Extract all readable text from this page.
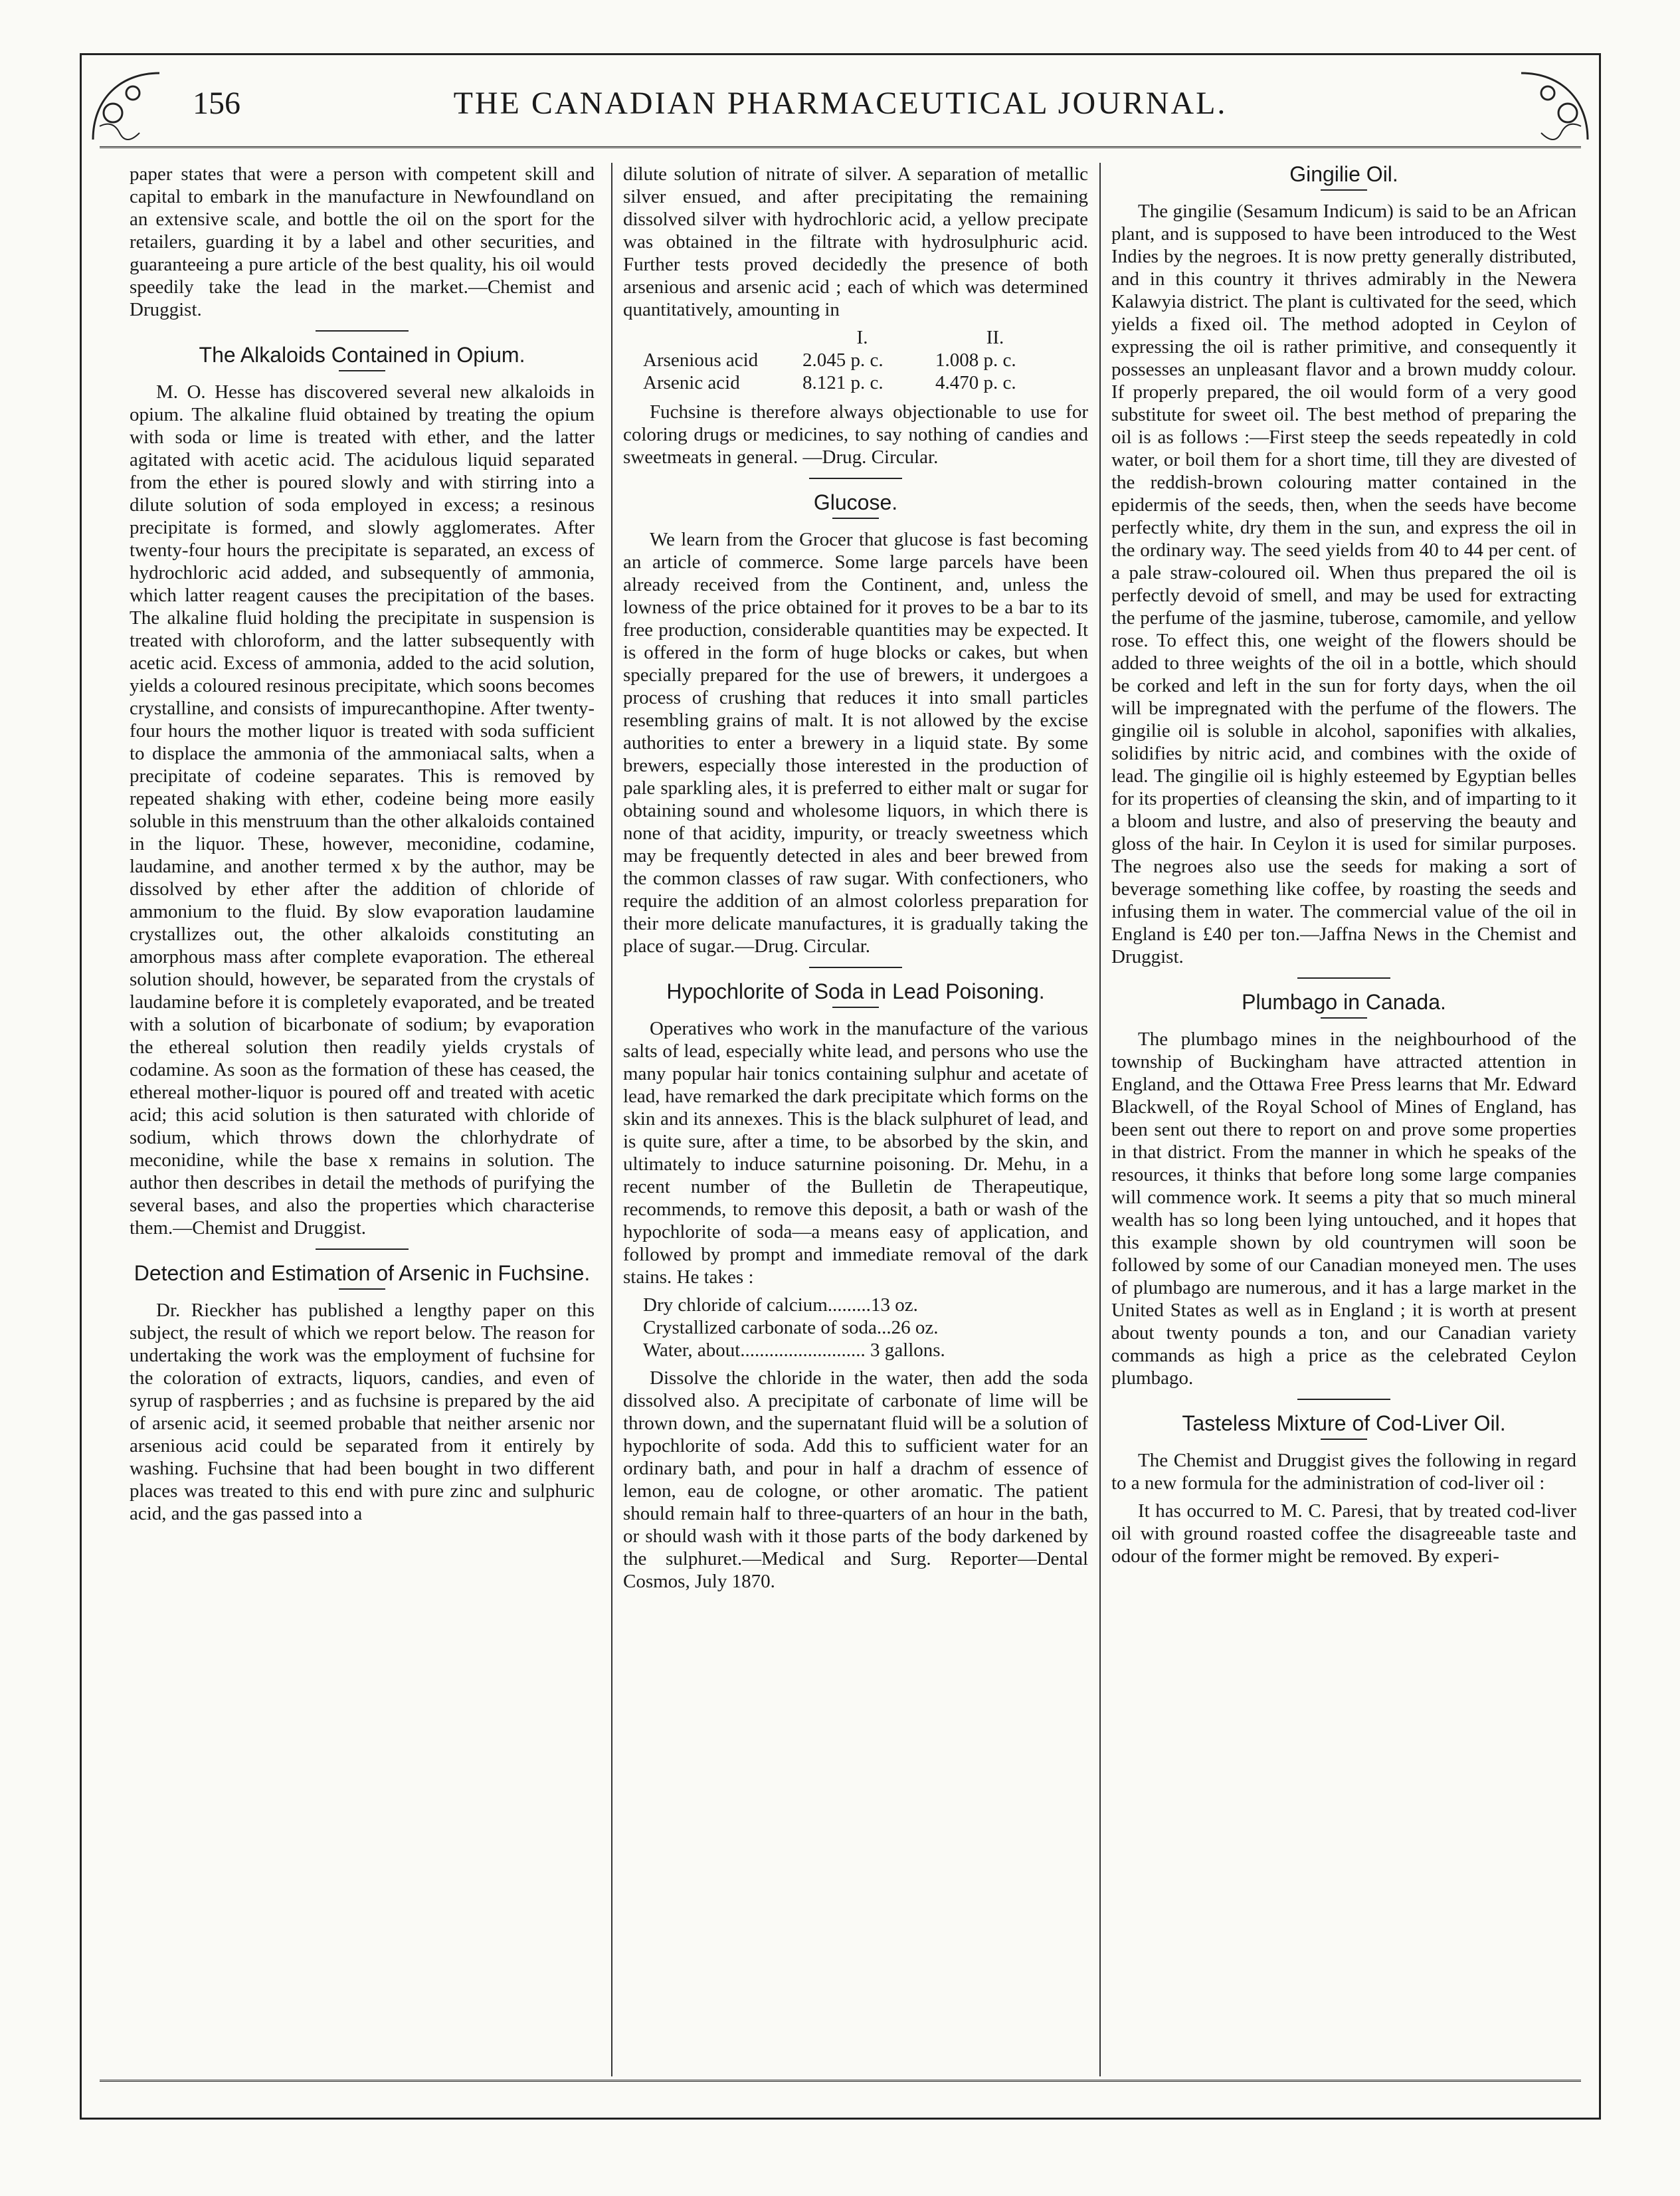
156	THE CANADIAN PHARMACEUTICAL JOURNAL.

paper states that were a person with competent skill and capital to embark in the manufacture in Newfoundland on an extensive scale, and bottle the oil on the sport for the retailers, guarding it by a label and other securities, and guaranteeing a pure article of the best quality, his oil would speedily take the lead in the market.—Chemist and Druggist.

The Alkaloids Contained in Opium.

M. O. Hesse has discovered several new alkaloids in opium. The alkaline fluid obtained by treating the opium with soda or lime is treated with ether, and the latter agitated with acetic acid. The acidulous liquid separated from the ether is poured slowly and with stirring into a dilute solution of soda employed in excess; a resinous precipitate is formed, and slowly agglomerates. After twenty-four hours the precipitate is separated, an excess of hydrochloric acid added, and subsequently of ammonia, which latter reagent causes the precipitation of the bases. The alkaline fluid holding the precipitate in suspension is treated with chloroform, and the latter subsequently with acetic acid. Excess of ammonia, added to the acid solution, yields a coloured resinous precipitate, which soons becomes crystalline, and consists of impurecanthopine. After twenty-four hours the mother liquor is treated with soda sufficient to displace the ammonia of the ammoniacal salts, when a precipitate of codeine separates. This is removed by repeated shaking with ether, codeine being more easily soluble in this menstruum than the other alkaloids contained in the liquor. These, however, meconidine, codamine, laudamine, and another termed x by the author, may be dissolved by ether after the addition of chloride of ammonium to the fluid. By slow evaporation laudamine crystallizes out, the other alkaloids constituting an amorphous mass after complete evaporation. The ethereal solution should, however, be separated from the crystals of laudamine before it is completely evaporated, and be treated with a solution of bicarbonate of sodium; by evaporation the ethereal solution then readily yields crystals of codamine. As soon as the formation of these has ceased, the ethereal mother-liquor is poured off and treated with acetic acid; this acid solution is then saturated with chloride of sodium, which throws down the chlorhydrate of meconidine, while the base x remains in solution. The author then describes in detail the methods of purifying the several bases, and also the properties which characterise them.—Chemist and Druggist.

Detection and Estimation of Arsenic in Fuchsine.

Dr. Rieckher has published a lengthy paper on this subject, the result of which we report below. The reason for undertaking the work was the employment of fuchsine for the coloration of extracts, liquors, candies, and even of syrup of raspberries ; and as fuchsine is prepared by the aid of arsenic acid, it seemed probable that neither arsenic nor arsenious acid could be separated from it entirely by washing. Fuchsine that had been bought in two different places was treated to this end with pure zinc and sulphuric acid, and the gas passed into a

dilute solution of nitrate of silver. A separation of metallic silver ensued, and after precipitating the remaining dissolved silver with hydrochloric acid, a yellow precipate was obtained in the filtrate with hydrosulphuric acid. Further tests proved decidedly the presence of both arsenious and arsenic acid ; each of which was determined quantitatively, amounting in

I.	II.
Arsenious acid	2.045 p. c.	1.008 p. c.
Arsenic acid	8.121 p. c.	4.470 p. c.

Fuchsine is therefore always objectionable to use for coloring drugs or medicines, to say nothing of candies and sweetmeats in general. —Drug. Circular.

Glucose.

We learn from the Grocer that glucose is fast becoming an article of commerce. Some large parcels have been already received from the Continent, and, unless the lowness of the price obtained for it proves to be a bar to its free production, considerable quantities may be expected. It is offered in the form of huge blocks or cakes, but when specially prepared for the use of brewers, it undergoes a process of crushing that reduces it into small particles resembling grains of malt. It is not allowed by the excise authorities to enter a brewery in a liquid state. By some brewers, especially those interested in the production of pale sparkling ales, it is preferred to either malt or sugar for obtaining sound and wholesome liquors, in which there is none of that acidity, impurity, or treacly sweetness which may be frequently detected in ales and beer brewed from the common classes of raw sugar. With confectioners, who require the addition of an almost colorless preparation for their more delicate manufactures, it is gradually taking the place of sugar.—Drug. Circular.

Hypochlorite of Soda in Lead Poisoning.

Operatives who work in the manufacture of the various salts of lead, especially white lead, and persons who use the many popular hair tonics containing sulphur and acetate of lead, have remarked the dark precipitate which forms on the skin and its annexes. This is the black sulphuret of lead, and is quite sure, after a time, to be absorbed by the skin, and ultimately to induce saturnine poisoning. Dr. Mehu, in a recent number of the Bulletin de Therapeutique, recommends, to remove this deposit, a bath or wash of the hypochlorite of soda—a means easy of application, and followed by prompt and immediate removal of the dark stains. He takes :

Dry chloride of calcium.........13 oz.
Crystallized carbonate of soda...26 oz.
Water, about.......................... 3 gallons.

Dissolve the chloride in the water, then add the soda dissolved also. A precipitate of carbonate of lime will be thrown down, and the supernatant fluid will be a solution of hypochlorite of soda. Add this to sufficient water for an ordinary bath, and pour in half a drachm of essence of lemon, eau de cologne, or other aromatic. The patient should remain half to three-quarters of an hour in the bath, or should wash with it those parts of the body darkened by the sulphuret.—Medical and Surg. Reporter—Dental Cosmos, July 1870.

Gingilie Oil.

The gingilie (Sesamum Indicum) is said to be an African plant, and is supposed to have been introduced to the West Indies by the negroes. It is now pretty generally distributed, and in this country it thrives admirably in the Newera Kalawyia district. The plant is cultivated for the seed, which yields a fixed oil. The method adopted in Ceylon of expressing the oil is rather primitive, and consequently it possesses an unpleasant flavor and a brown muddy colour. If properly prepared, the oil would form of a very good substitute for sweet oil. The best method of preparing the oil is as follows :—First steep the seeds repeatedly in cold water, or boil them for a short time, till they are divested of the reddish-brown colouring matter contained in the epidermis of the seeds, then, when the seeds have become perfectly white, dry them in the sun, and express the oil in the ordinary way. The seed yields from 40 to 44 per cent. of a pale straw-coloured oil. When thus prepared the oil is perfectly devoid of smell, and may be used for extracting the perfume of the jasmine, tuberose, camomile, and yellow rose. To effect this, one weight of the flowers should be added to three weights of the oil in a bottle, which should be corked and left in the sun for forty days, when the oil will be impregnated with the perfume of the flowers. The gingilie oil is soluble in alcohol, saponifies with alkalies, solidifies by nitric acid, and combines with the oxide of lead. The gingilie oil is highly esteemed by Egyptian belles for its properties of cleansing the skin, and of imparting to it a bloom and lustre, and also of preserving the beauty and gloss of the hair. In Ceylon it is used for similar purposes. The negroes also use the seeds for making a sort of beverage something like coffee, by roasting the seeds and infusing them in water. The commercial value of the oil in England is £40 per ton.—Jaffna News in the Chemist and Druggist.

Plumbago in Canada.

The plumbago mines in the neighbourhood of the township of Buckingham have attracted attention in England, and the Ottawa Free Press learns that Mr. Edward Blackwell, of the Royal School of Mines of England, has been sent out there to report on and prove some properties in that district. From the manner in which he speaks of the resources, it thinks that before long some large companies will commence work. It seems a pity that so much mineral wealth has so long been lying untouched, and it hopes that this example shown by old countrymen will soon be followed by some of our Canadian moneyed men. The uses of plumbago are numerous, and it has a large market in the United States as well as in England ; it is worth at present about twenty pounds a ton, and our Canadian variety commands as high a price as the celebrated Ceylon plumbago.

Tasteless Mixture of Cod-Liver Oil.

The Chemist and Druggist gives the following in regard to a new formula for the administration of cod-liver oil :

It has occurred to M. C. Paresi, that by treated cod-liver oil with ground roasted coffee the disagreeable taste and odour of the former might be removed. By experi-
